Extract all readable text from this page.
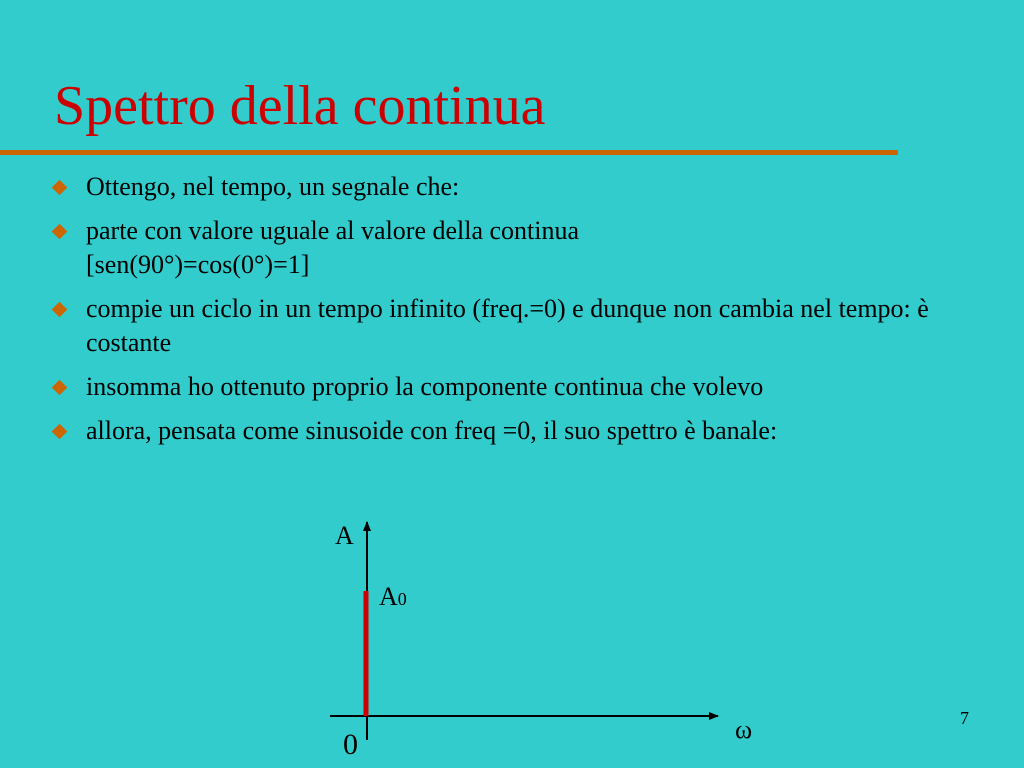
Spettro della continua
Ottengo, nel tempo, un segnale che:
parte con valore uguale al valore della continua [sen(90°)=cos(0°)=1]
compie un ciclo in un tempo infinito (freq.=0) e dunque non cambia nel tempo: è costante
insomma ho ottenuto proprio la componente continua che volevo
allora, pensata come sinusoide con freq =0, il suo spettro è banale:
A
A0
ω
0
7
